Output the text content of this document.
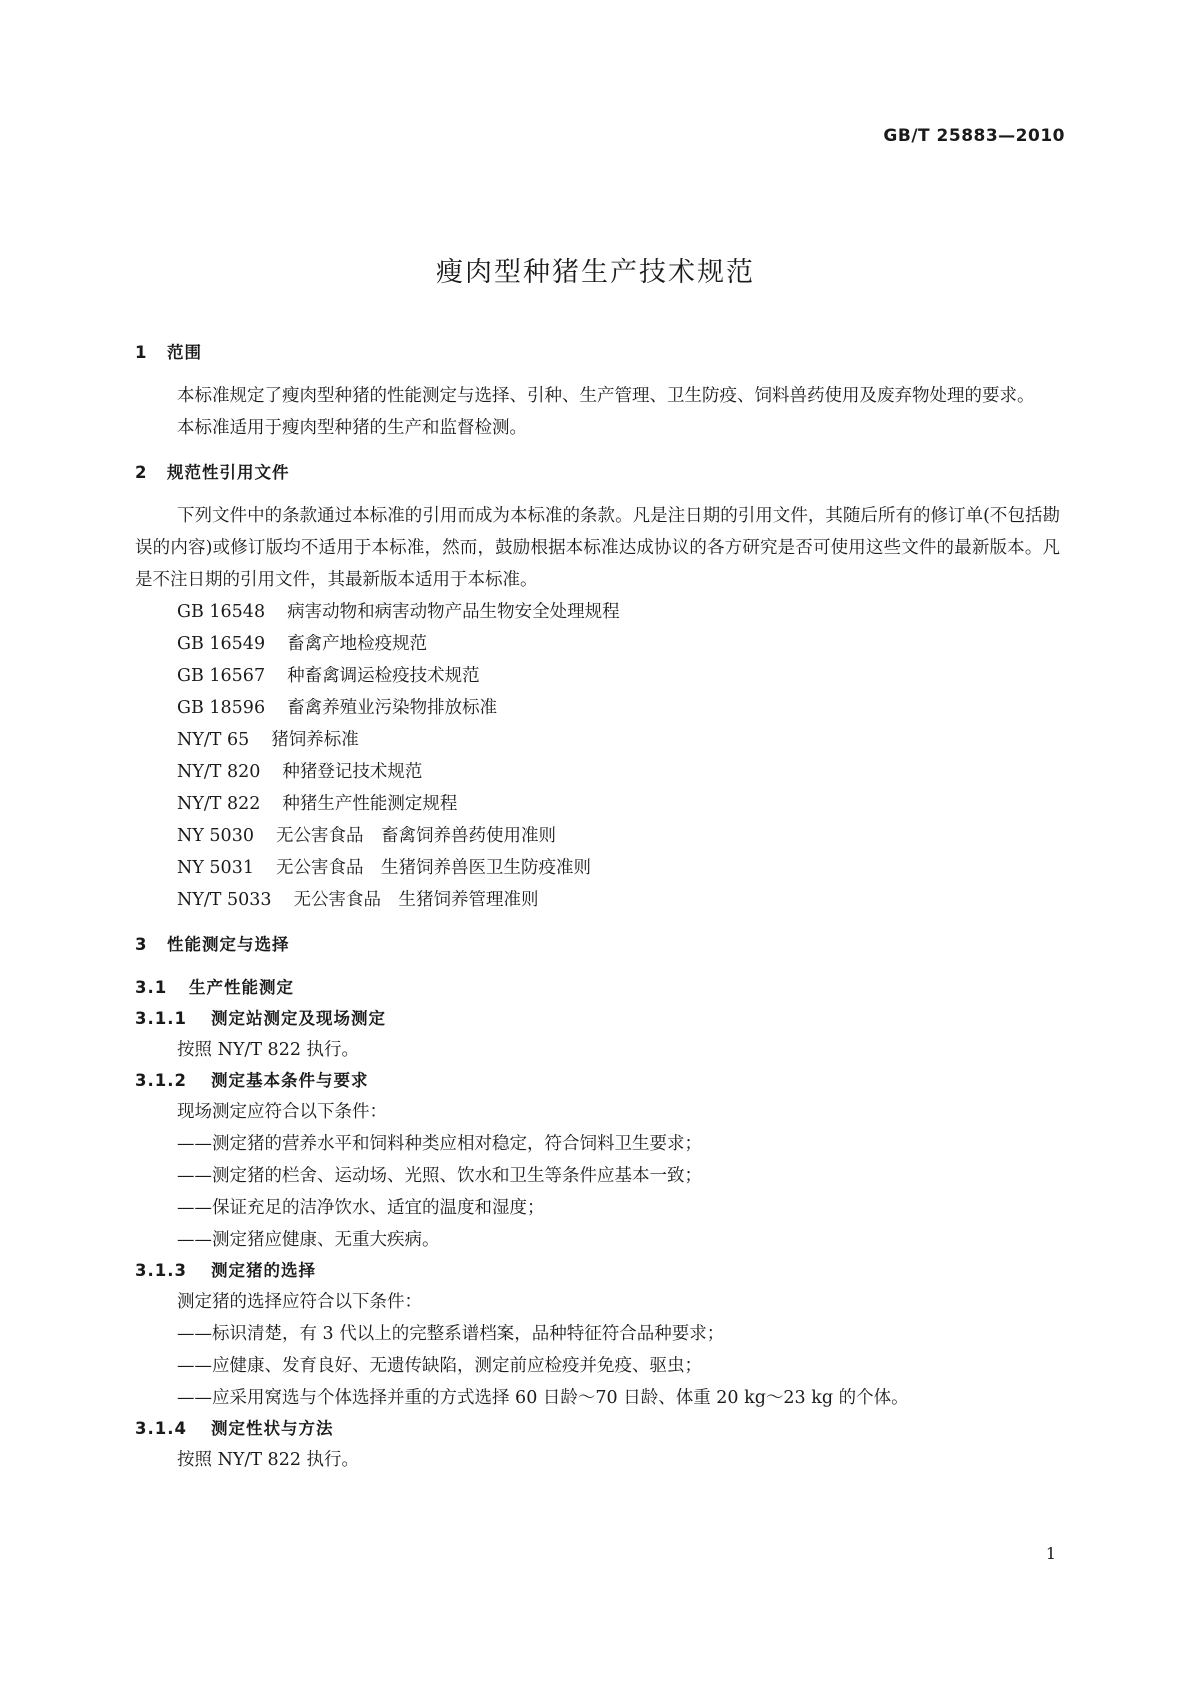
GB/T 25883—2010
瘦肉型种猪生产技术规范
1 范围

本标准规定了瘦肉型种猪的性能测定与选择、引种、生产管理、卫生防疫、饲料兽药使用及废弃物处理的要求。

本标准适用于瘦肉型种猪的生产和监督检测。

2 规范性引用文件

下列文件中的条款通过本标准的引用而成为本标准的条款。凡是注日期的引用文件，其随后所有的修订单(不包括勘误的内容)或修订版均不适用于本标准，然而，鼓励根据本标准达成协议的各方研究是否可使用这些文件的最新版本。凡是不注日期的引用文件，其最新版本适用于本标准。

GB 16548 病害动物和病害动物产品生物安全处理规程

GB 16549 畜禽产地检疫规范

GB 16567 种畜禽调运检疫技术规范

GB 18596 畜禽养殖业污染物排放标准

NY/T 65 猪饲养标准

NY/T 820 种猪登记技术规范

NY/T 822 种猪生产性能测定规程

NY 5030 无公害食品　畜禽饲养兽药使用准则

NY 5031 无公害食品　生猪饲养兽医卫生防疫准则

NY/T 5033 无公害食品　生猪饲养管理准则

3 性能测定与选择
3.1 生产性能测定
3.1.1 测定站测定及现场测定

按照 NY/T 822 执行。

3.1.2 测定基本条件与要求

现场测定应符合以下条件：

——测定猪的营养水平和饲料种类应相对稳定，符合饲料卫生要求；

——测定猪的栏舍、运动场、光照、饮水和卫生等条件应基本一致；

——保证充足的洁净饮水、适宜的温度和湿度；

——测定猪应健康、无重大疾病。

3.1.3 测定猪的选择

测定猪的选择应符合以下条件：

——标识清楚，有 3 代以上的完整系谱档案，品种特征符合品种要求；

——应健康、发育良好、无遗传缺陷，测定前应检疫并免疫、驱虫；

——应采用窝选与个体选择并重的方式选择 60 日龄～70 日龄、体重 20 kg～23 kg 的个体。

3.1.4 测定性状与方法

按照 NY/T 822 执行。

1
